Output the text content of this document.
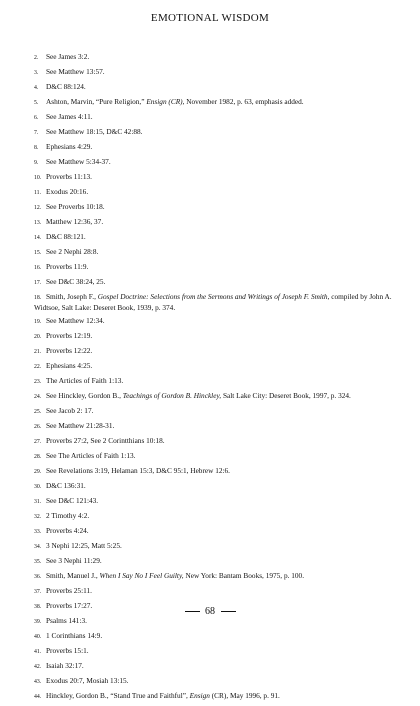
EMOTIONAL WISDOM
2. See James 3:2.
3. See Matthew 13:57.
4. D&C 88:124.
5. Ashton, Marvin, “Pure Religion,” Ensign (CR), November 1982, p. 63, emphasis added.
6. See James 4:11.
7. See Matthew 18:15, D&C 42:88.
8. Ephesians 4:29.
9. See Matthew 5:34-37.
10. Proverbs 11:13.
11. Exodus 20:16.
12. See Proverbs 10:18.
13. Matthew 12:36, 37.
14. D&C 88:121.
15. See 2 Nephi 28:8.
16. Proverbs 11:9.
17. See D&C 38:24, 25.
18. Smith, Joseph F., Gospel Doctrine: Selections from the Sermons and Writings of Joseph F. Smith, compiled by John A. Widtsoe, Salt Lake: Deseret Book, 1939, p. 374.
19. See Matthew 12:34.
20. Proverbs 12:19.
21. Proverbs 12:22.
22. Ephesians 4:25.
23. The Articles of Faith 1:13.
24. See Hinckley, Gordon B., Teachings of Gordon B. Hinckley, Salt Lake City: Deseret Book, 1997, p. 324.
25. See Jacob 2: 17.
26. See Matthew 21:28-31.
27. Proverbs 27:2, See 2 Corintthians 10:18.
28. See The Articles of Faith 1:13.
29. See Revelations 3:19, Helaman 15:3, D&C 95:1, Hebrew 12:6.
30. D&C 136:31.
31. See D&C 121:43.
32. 2 Timothy 4:2.
33. Proverbs 4:24.
34. 3 Nephi 12:25, Matt 5:25.
35. See 3 Nephi 11:29.
36. Smith, Manuel J., When I Say No I Feel Guilty, New York: Bantam Books, 1975, p. 100.
37. Proverbs 25:11.
38. Proverbs 17:27.
39. Psalms 141:3.
40. 1 Corinthians 14:9.
41. Proverbs 15:1.
42. Isaiah 32:17.
43. Exodus 20:7, Mosiah 13:15.
44. Hinckley, Gordon B., “Stand True and Faithful”, Ensign (CR), May 1996, p. 91.
68
